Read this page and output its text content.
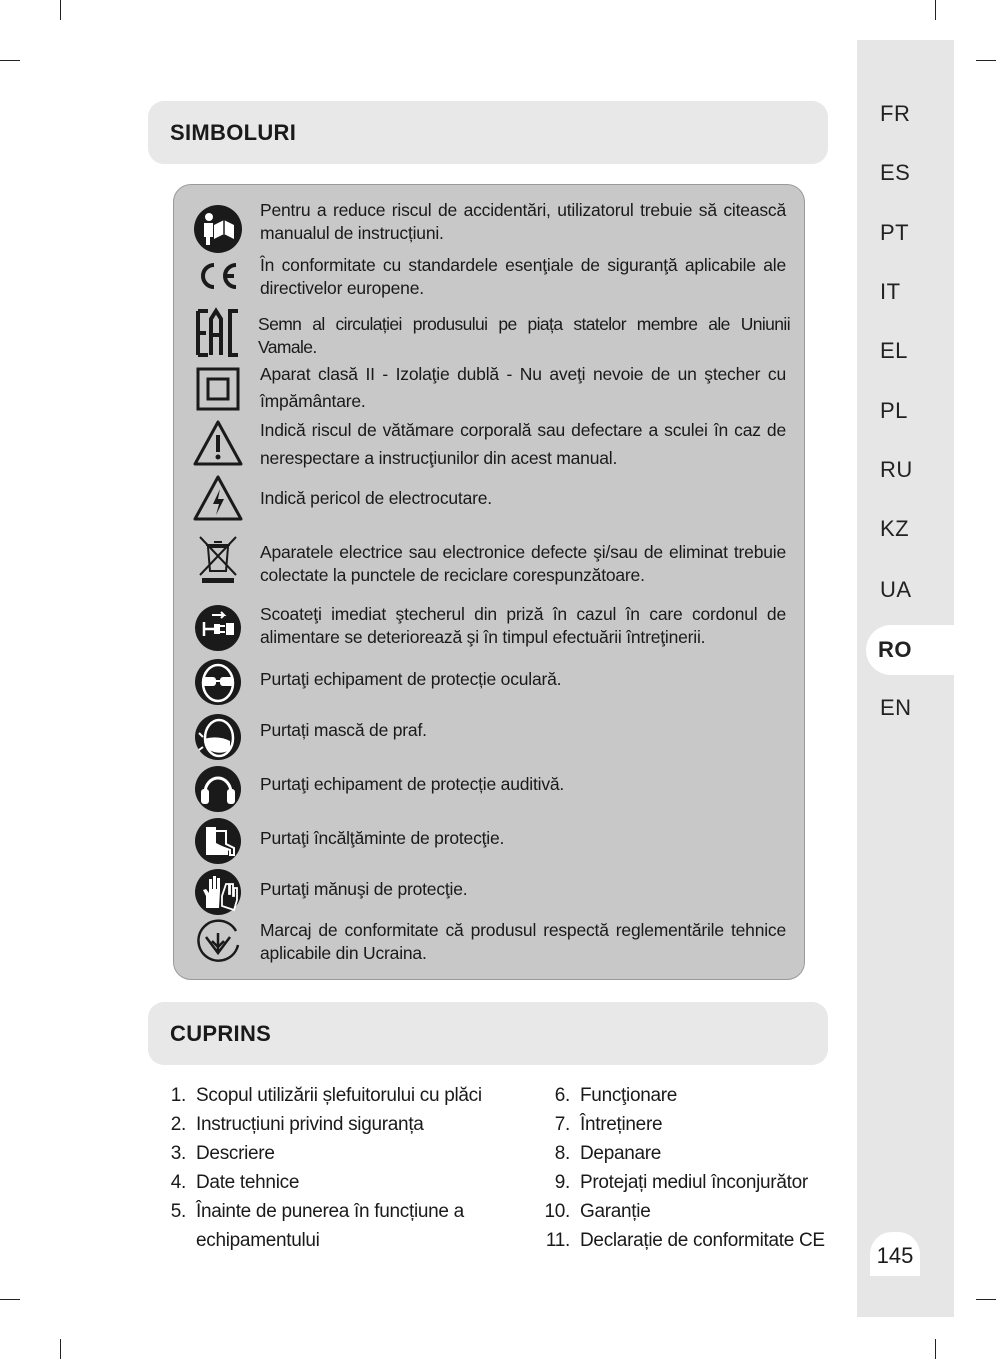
FR
ES
PT
IT
EL
PL
RU
KZ
UA
RO
EN
145
SIMBOLURI
Pentru a reduce riscul de accidentări, utilizatorul trebuie să citească manualul de instrucțiuni.
În conformitate cu standardele esenţiale de siguranţă aplicabile ale directivelor europene.
Semn al circulației produsului pe piața statelor membre ale Uniunii Vamale.
Aparat clasă II - Izolaţie dublă - Nu aveţi nevoie de un ştecher cu împământare.
Indică riscul de vătămare corporală sau defectare a sculei în caz de nerespectare a instrucţiunilor din acest manual.
Indică pericol de electrocutare.
Aparatele electrice sau electronice defecte şi/sau de eliminat trebuie colectate la punctele de reciclare corespunzătoare.
Scoateţi imediat ştecherul din priză în cazul în care cordonul de alimentare se deteriorează şi în timpul efectuării întreţinerii.
Purtaţi echipament de protecție oculară.
Purtați mască de praf.
Purtaţi echipament de protecție auditivă.
Purtaţi încălţăminte de protecţie.
Purtaţi mănuşi de protecţie.
Marcaj de conformitate că produsul respectă reglementările tehnice aplicabile din Ucraina.
CUPRINS
1. Scopul utilizării șlefuitorului cu plăci
2. Instrucțiuni privind siguranța
3. Descriere
4. Date tehnice
5. Înainte de punerea în funcțiune a
echipamentului
6. Funcţionare
7. Întreținere
8. Depanare
9. Protejați mediul înconjurător
10. Garanție
11. Declarație de conformitate CE
